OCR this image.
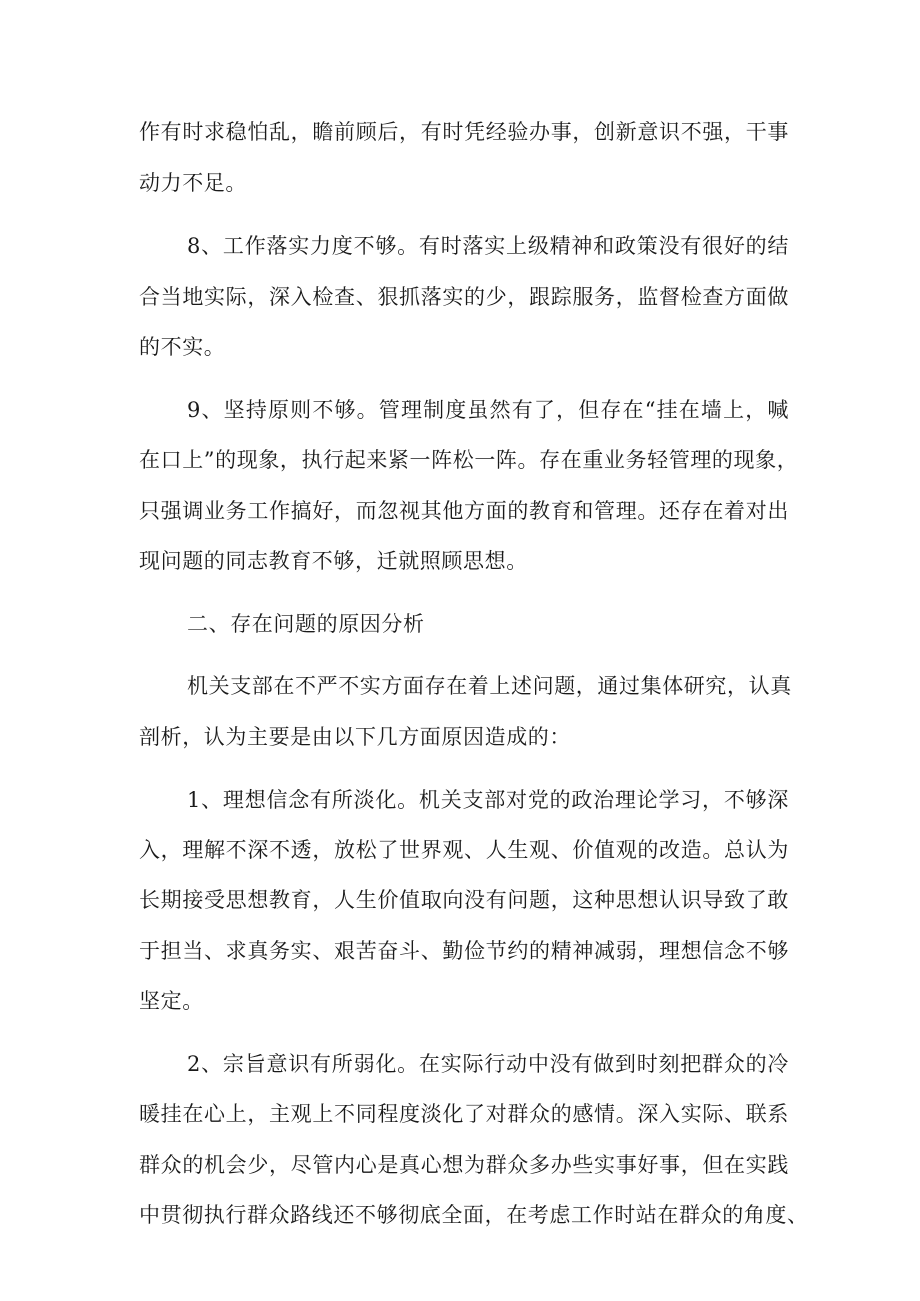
作有时求稳怕乱，瞻前顾后，有时凭经验办事，创新意识不强，干事
动力不足。
8、工作落实力度不够。有时落实上级精神和政策没有很好的结
合当地实际，深入检查、狠抓落实的少，跟踪服务，监督检查方面做
的不实。
9、坚持原则不够。管理制度虽然有了，但存在“挂在墙上，喊
在口上”的现象，执行起来紧一阵松一阵。存在重业务轻管理的现象，
只强调业务工作搞好，而忽视其他方面的教育和管理。还存在着对出
现问题的同志教育不够，迁就照顾思想。
二、存在问题的原因分析
机关支部在不严不实方面存在着上述问题，通过集体研究，认真
剖析，认为主要是由以下几方面原因造成的：
1、理想信念有所淡化。机关支部对党的政治理论学习，不够深
入，理解不深不透，放松了世界观、人生观、价值观的改造。总认为
长期接受思想教育，人生价值取向没有问题，这种思想认识导致了敢
于担当、求真务实、艰苦奋斗、勤俭节约的精神减弱，理想信念不够
坚定。
2、宗旨意识有所弱化。在实际行动中没有做到时刻把群众的冷
暖挂在心上，主观上不同程度淡化了对群众的感情。深入实际、联系
群众的机会少，尽管内心是真心想为群众多办些实事好事，但在实践
中贯彻执行群众路线还不够彻底全面，在考虑工作时站在群众的角度、
